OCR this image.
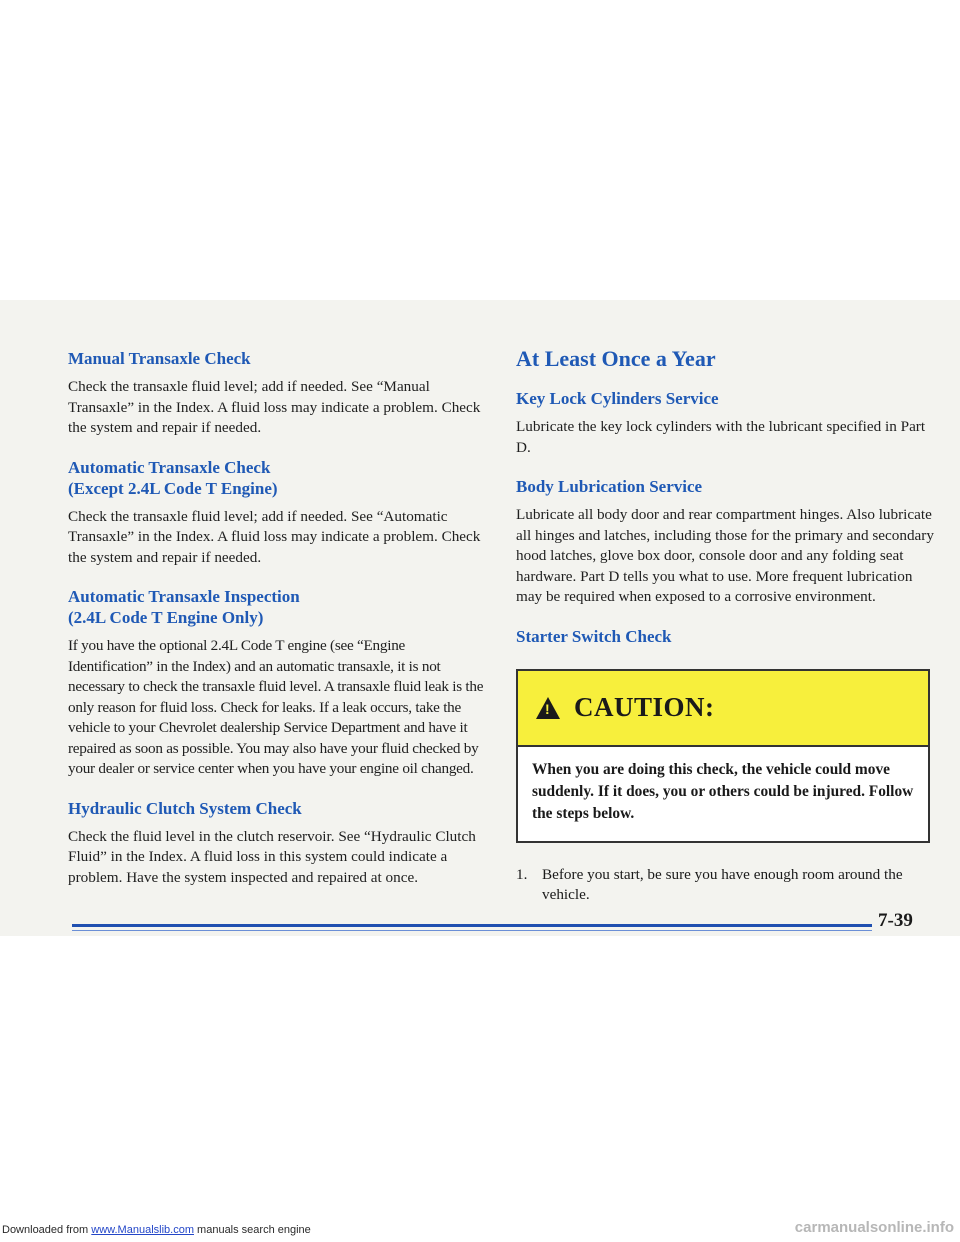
Manual Transaxle Check

Check the transaxle fluid level; add if needed. See “Manual Transaxle” in the Index. A fluid loss may indicate a problem. Check the system and repair if needed.

Automatic Transaxle Check
(Except 2.4L Code T Engine)

Check the transaxle fluid level; add if needed. See “Automatic Transaxle” in the Index. A fluid loss may indicate a problem. Check the system and repair if needed.

Automatic Transaxle Inspection
(2.4L Code T Engine Only)

If you have the optional 2.4L Code T engine (see “Engine Identification” in the Index) and an automatic transaxle, it is not necessary to check the transaxle fluid level. A transaxle fluid leak is the only reason for fluid loss. Check for leaks. If a leak occurs, take the vehicle to your Chevrolet dealership Service Department and have it repaired as soon as possible. You may also have your fluid checked by your dealer or service center when you have your engine oil changed.

Hydraulic Clutch System Check

Check the fluid level in the clutch reservoir. See “Hydraulic Clutch Fluid” in the Index. A fluid loss in this system could indicate a problem. Have the system inspected and repaired at once.

At Least Once a Year
Key Lock Cylinders Service

Lubricate the key lock cylinders with the lubricant specified in Part D.

Body Lubrication Service

Lubricate all body door and rear compartment hinges. Also lubricate all hinges and latches, including those for the primary and secondary hood latches, glove box door, console door and any folding seat hardware. Part D tells you what to use. More frequent lubrication may be required when exposed to a corrosive environment.

Starter Switch Check
!
CAUTION:
When you are doing this check, the vehicle could move suddenly. If it does, you or others could be injured. Follow the steps below.
1. Before you start, be sure you have enough room around the vehicle.
7-39
Downloaded from www.Manualslib.com manuals search engine	carmanualsonline.info
